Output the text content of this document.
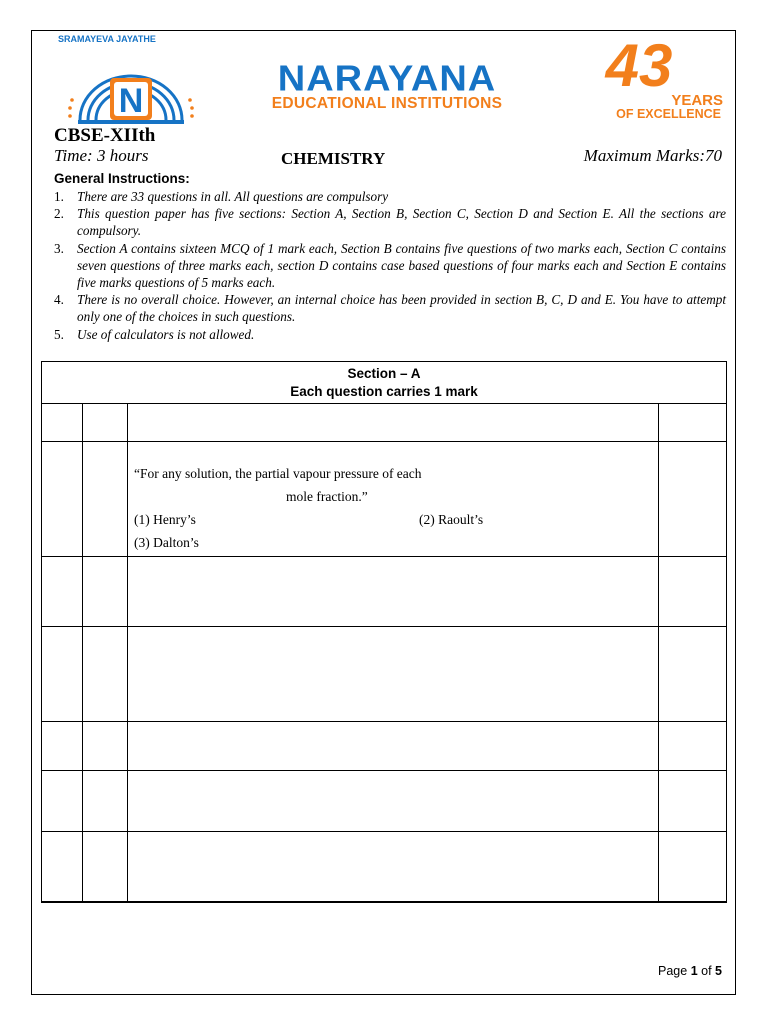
SRAMAYEVA JAYATHE
N
NARAYANA
EDUCATIONAL INSTITUTIONS
43
YEARS
OF EXCELLENCE
CBSE-XIIth
Time: 3 hours	CHEMISTRY	Maximum Marks:70
General Instructions:
1. There are 33 questions in all. All questions are compulsory
2. This question paper has five sections: Section A, Section B, Section C, Section D and Section E. All the sections are compulsory.
3. Section A contains sixteen MCQ of 1 mark each, Section B contains five questions of two marks each, Section C contains seven questions of three marks each, section D contains case based questions of four marks each and Section E contains five marks questions of 5 marks each.
4. There is no overall choice. However, an internal choice has been provided in section B, C, D and E. You have to attempt only one of the choices in such questions.
5. Use of calculators is not allowed.
Section – A
Each question carries 1 mark
“For any solution, the partial vapour pressure of each
mole fraction.”
(1) Henry’s	(2) Raoult’s
(3) Dalton’s
Page 1 of 5
